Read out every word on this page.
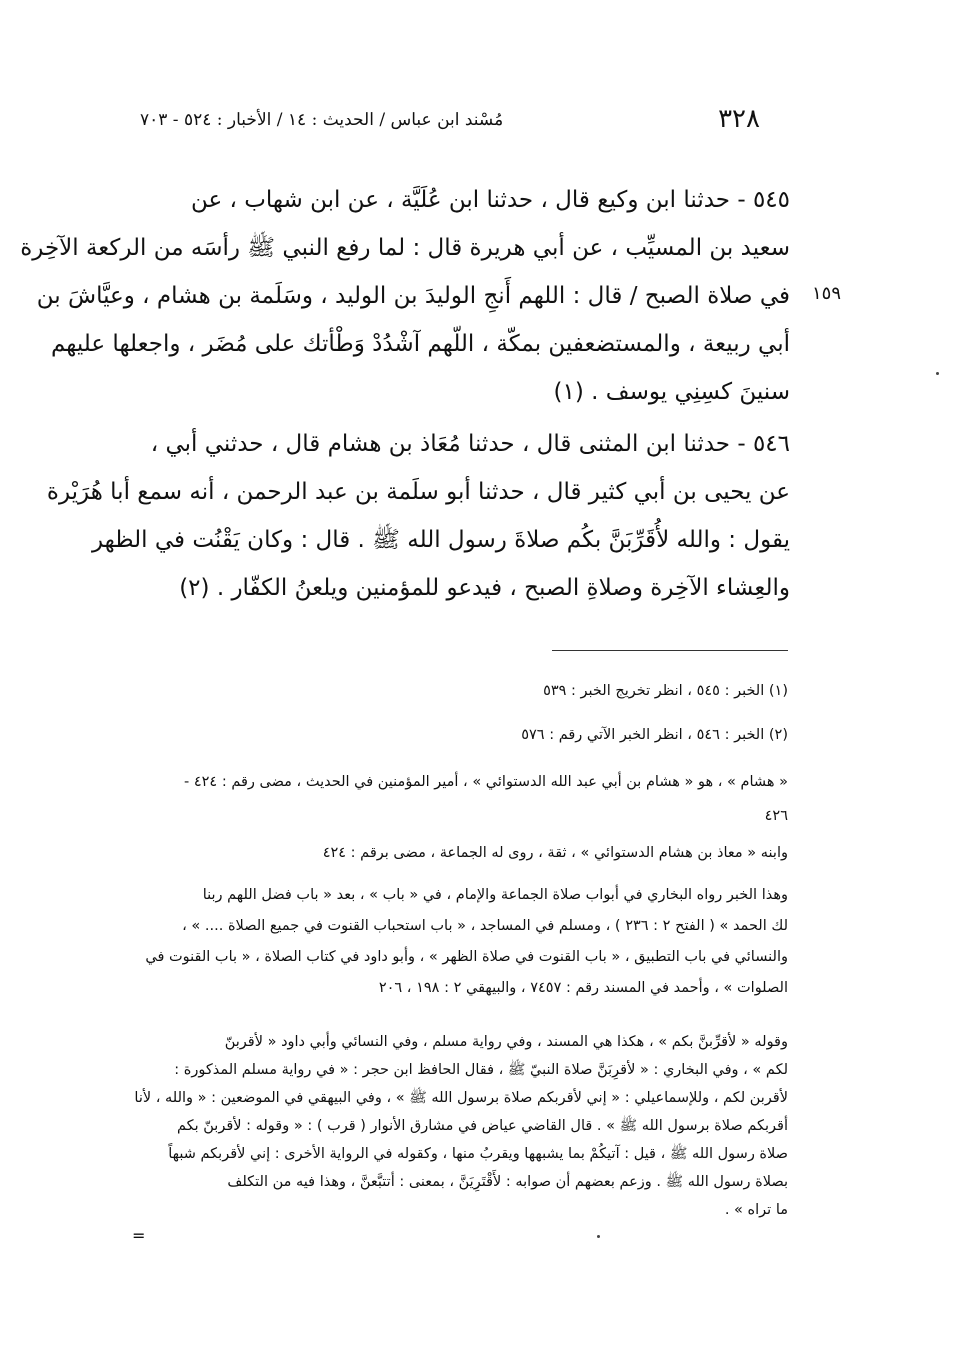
٣٢٨
مُسْند ابن عباس / الحديث : ١٤ / الأخبار : ٥٢٤ - ٧٠٣
١٥٩
٥٤٥ - حدثنا ابن وكيع قال ، حدثنا ابن عُلَيَّة ، عن ابن شهاب ، عن
سعيد بن المسيِّب ، عن أبي هريرة قال : لما رفع النبي ﷺ رأسَه من الركعة الآخِرة
في صلاة الصبح / قال : اللهم أَنجِ الوليدَ بن الوليد ، وسَلَمة بن هشام ، وعيَّاشَ بن
أبي ربيعة ، والمستضعفين بمكّة ، اللّهم آشْدُدْ وَطْأتك على مُضَر ، واجعلها عليهم
سنينَ كسِنِي يوسف . (١)
٥٤٦ - حدثنا ابن المثنى قال ، حدثنا مُعَاذ بن هشام قال ، حدثني أبي ،
عن يحيى بن أبي كثير قال ، حدثنا أبو سلَمة بن عبد الرحمن ، أنه سمع أبا هُرَيْرة
يقول : والله لأُقَرِّبَنَّ بكُم صلاةَ رسول الله ﷺ . قال : وكان يَقْنُت في الظهر
والعِشاء الآخِرة وصلاةِ الصبح ، فيدعو للمؤمنين ويلعنُ الكفّار . (٢)
(١) الخبر : ٥٤٥ ، انظر تخريج الخبر : ٥٣٩
(٢) الخبر : ٥٤٦ ، انظر الخبر الآتي رقم : ٥٧٦
« هشام » ، هو « هشام بن أبي عبد الله الدستوائي » ، أمير المؤمنين في الحديث ، مضى رقم : ٤٢٤ -
٤٢٦
وابنه « معاذ بن هشام الدستوائي » ، ثقة ، روى له الجماعة ، مضى برقم : ٤٢٤
وهذا الخبر رواه البخاري في أبواب صلاة الجماعة والإمام ، في « باب » ، بعد « باب فضل اللهم ربنا
لك الحمد » ( الفتح ٢ : ٢٣٦ ) ، ومسلم في المساجد ، « باب استحباب القنوت في جميع الصلاة .... » ،
والنسائي في باب التطبيق ، « باب القنوت في صلاة الظهر » ، وأبو داود في كتاب الصلاة ، « باب القنوت في
الصلوات » ، وأحمد في المسند رقم : ٧٤٥٧ ، والبيهقي ٢ : ١٩٨ ، ٢٠٦
وقوله « لأقرِّبنَّ بكم » ، هكذا هي المسند ، وفي رواية مسلم ، وفي النسائي وأبي داود « لأقربنّ
لكم » ، وفي البخاري : « لأقرِبَنَّ صلاة النبيّ ﷺ ، فقال الحافظ ابن حجر : « في رواية مسلم المذكورة :
لأقربن لكم ، وللإسماعيلي : « إني لأقربكم صلاة برسول الله ﷺ » ، وفي البيهقي في الموضعين : « والله ، لأنا
أقربكم صلاة برسول الله ﷺ » . قال القاضي عياض في مشارق الأنوار ( قرب ) : « وقوله : لأقربنّ بكم
صلاة رسول الله ﷺ ، قيل : آتيكُمْ بما يشبهها ويقربُ منها ، وكقوله في الرواية الأخرى : إني لأقربكم شبهاً
بصلاة رسول الله ﷺ . وزعم بعضهم أن صوابه : لأَقْتَرِيَنَّ ، بمعنى : أتتبَّعنَّ ، وهذا فيه من التكلف
ما تراه » .
=
